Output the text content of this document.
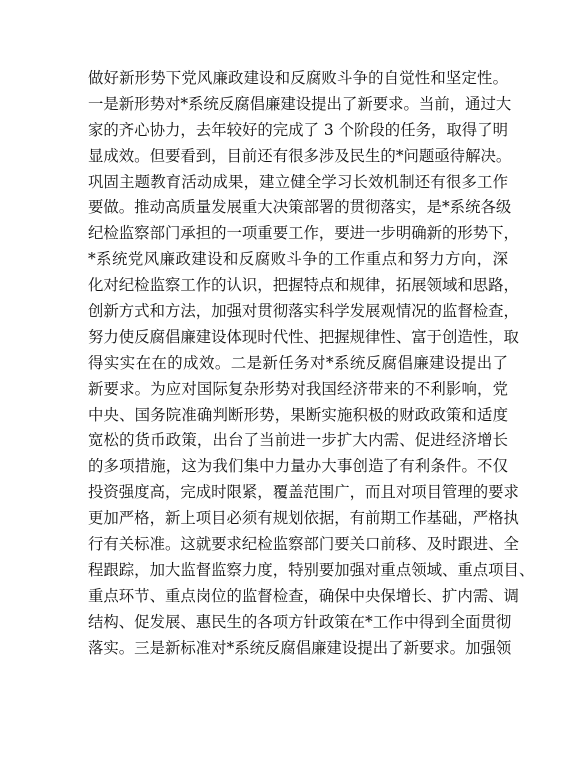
做好新形势下党风廉政建设和反腐败斗争的自觉性和坚定性。
一是新形势对*系统反腐倡廉建设提出了新要求。当前，通过大
家的齐心协力，去年较好的完成了 3 个阶段的任务，取得了明
显成效。但要看到，目前还有很多涉及民生的*问题亟待解决。
巩固主题教育活动成果，建立健全学习长效机制还有很多工作
要做。推动高质量发展重大决策部署的贯彻落实，是*系统各级
纪检监察部门承担的一项重要工作，要进一步明确新的形势下，
*系统党风廉政建设和反腐败斗争的工作重点和努力方向，深
化对纪检监察工作的认识，把握特点和规律，拓展领域和思路，
创新方式和方法，加强对贯彻落实科学发展观情况的监督检查，
努力使反腐倡廉建设体现时代性、把握规律性、富于创造性，取
得实实在在的成效。二是新任务对*系统反腐倡廉建设提出了
新要求。为应对国际复杂形势对我国经济带来的不利影响，党
中央、国务院准确判断形势，果断实施积极的财政政策和适度
宽松的货币政策，出台了当前进一步扩大内需、促进经济增长
的多项措施，这为我们集中力量办大事创造了有利条件。不仅
投资强度高，完成时限紧，覆盖范围广，而且对项目管理的要求
更加严格，新上项目必须有规划依据，有前期工作基础，严格执
行有关标准。这就要求纪检监察部门要关口前移、及时跟进、全
程跟踪，加大监督监察力度，特别要加强对重点领域、重点项目、
重点环节、重点岗位的监督检查，确保中央保增长、扩内需、调
结构、促发展、惠民生的各项方针政策在*工作中得到全面贯彻
落实。三是新标准对*系统反腐倡廉建设提出了新要求。加强领
